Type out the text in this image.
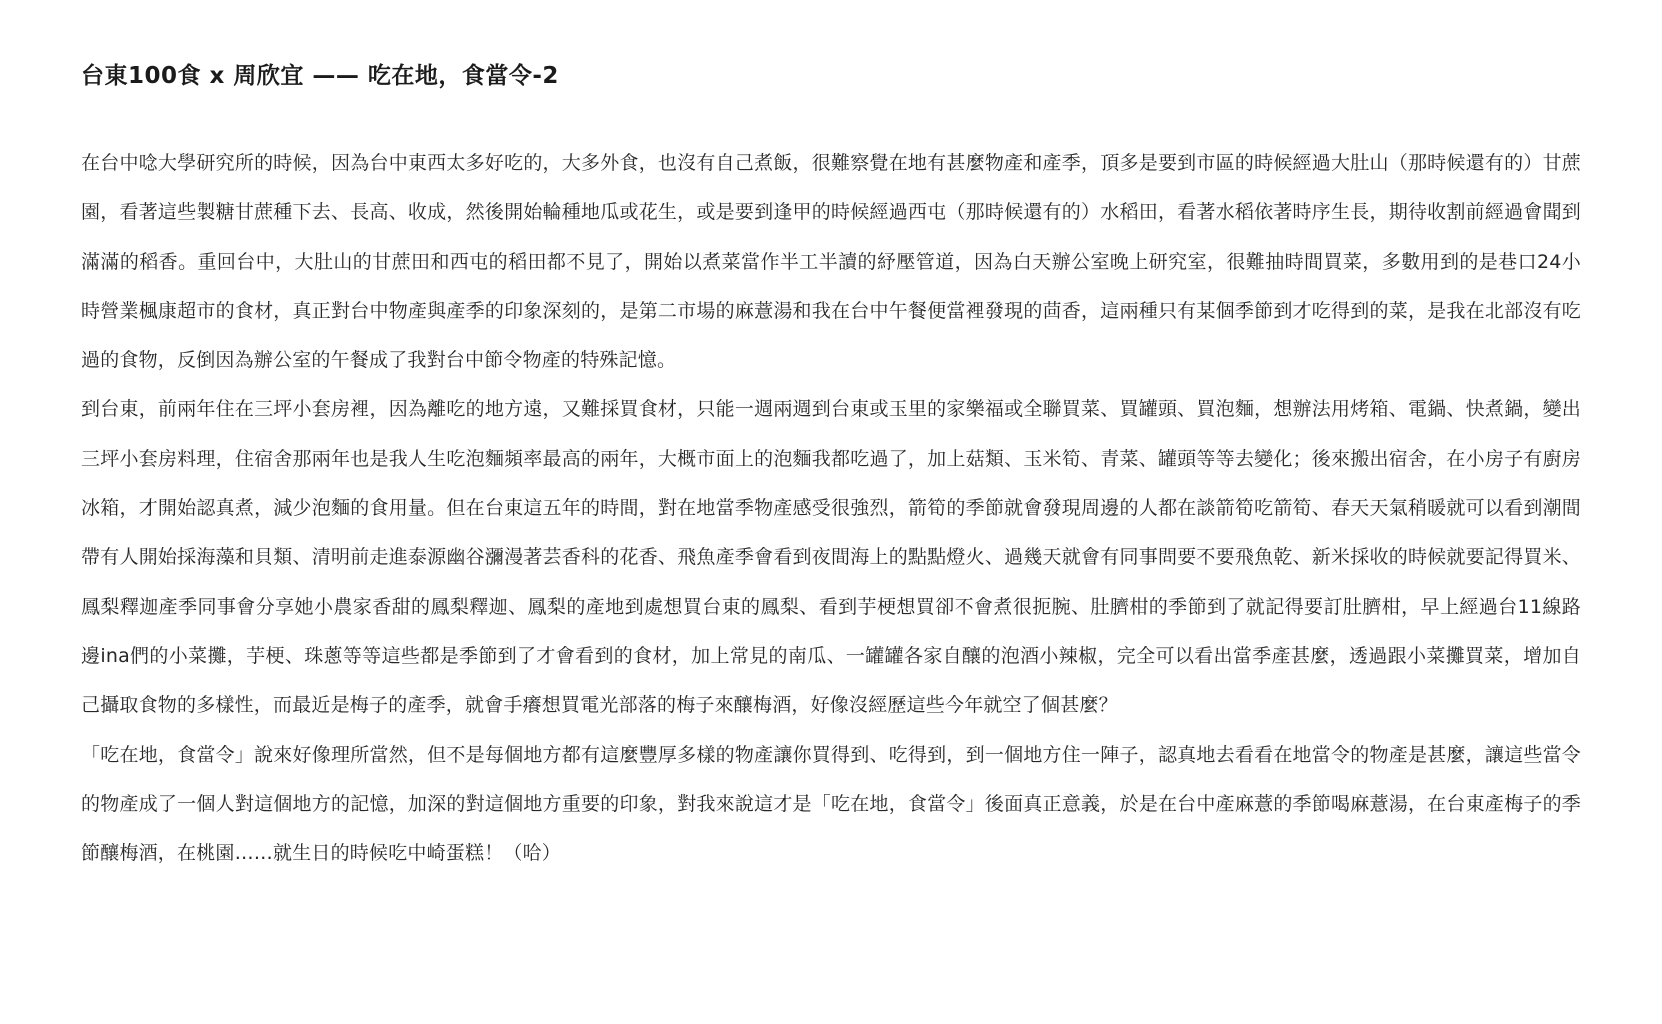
台東100食 x 周欣宜 —— 吃在地，食當令-2

在台中唸大學研究所的時候，因為台中東西太多好吃的，大多外食，也沒有自己煮飯，很難察覺在地有甚麼物產和產季，頂多是要到市區的時候經過大肚山（那時候還有的）甘蔗園，看著這些製糖甘蔗種下去、長高、收成，然後開始輪種地瓜或花生，或是要到逢甲的時候經過西屯（那時候還有的）水稻田，看著水稻依著時序生長，期待收割前經過會聞到滿滿的稻香。重回台中，大肚山的甘蔗田和西屯的稻田都不見了，開始以煮菜當作半工半讀的紓壓管道，因為白天辦公室晚上研究室，很難抽時間買菜，多數用到的是巷口24小時營業楓康超市的食材，真正對台中物產與產季的印象深刻的，是第二市場的麻薏湯和我在台中午餐便當裡發現的茴香，這兩種只有某個季節到才吃得到的菜，是我在北部沒有吃過的食物，反倒因為辦公室的午餐成了我對台中節令物產的特殊記憶。

到台東，前兩年住在三坪小套房裡，因為離吃的地方遠，又難採買食材，只能一週兩週到台東或玉里的家樂福或全聯買菜、買罐頭、買泡麵，想辦法用烤箱、電鍋、快煮鍋，變出三坪小套房料理，住宿舍那兩年也是我人生吃泡麵頻率最高的兩年，大概市面上的泡麵我都吃過了，加上菇類、玉米筍、青菜、罐頭等等去變化；後來搬出宿舍，在小房子有廚房冰箱，才開始認真煮，減少泡麵的食用量。但在台東這五年的時間，對在地當季物產感受很強烈，箭筍的季節就會發現周邊的人都在談箭筍吃箭筍、春天天氣稍暖就可以看到潮間帶有人開始採海藻和貝類、清明前走進泰源幽谷瀰漫著芸香科的花香、飛魚產季會看到夜間海上的點點燈火、過幾天就會有同事問要不要飛魚乾、新米採收的時候就要記得買米、鳳梨釋迦產季同事會分享她小農家香甜的鳳梨釋迦、鳳梨的產地到處想買台東的鳳梨、看到芋梗想買卻不會煮很扼腕、肚臍柑的季節到了就記得要訂肚臍柑，早上經過台11線路邊ina們的小菜攤，芋梗、珠蔥等等這些都是季節到了才會看到的食材，加上常見的南瓜、一罐罐各家自釀的泡酒小辣椒，完全可以看出當季產甚麼，透過跟小菜攤買菜，增加自己攝取食物的多樣性，而最近是梅子的產季，就會手癢想買電光部落的梅子來釀梅酒，好像沒經歷這些今年就空了個甚麼？

「吃在地，食當令」說來好像理所當然，但不是每個地方都有這麼豐厚多樣的物產讓你買得到、吃得到，到一個地方住一陣子，認真地去看看在地當令的物產是甚麼，讓這些當令的物產成了一個人對這個地方的記憶，加深的對這個地方重要的印象，對我來說這才是「吃在地，食當令」後面真正意義，於是在台中產麻薏的季節喝麻薏湯，在台東產梅子的季節釀梅酒，在桃園……就生日的時候吃中崎蛋糕！（哈）
